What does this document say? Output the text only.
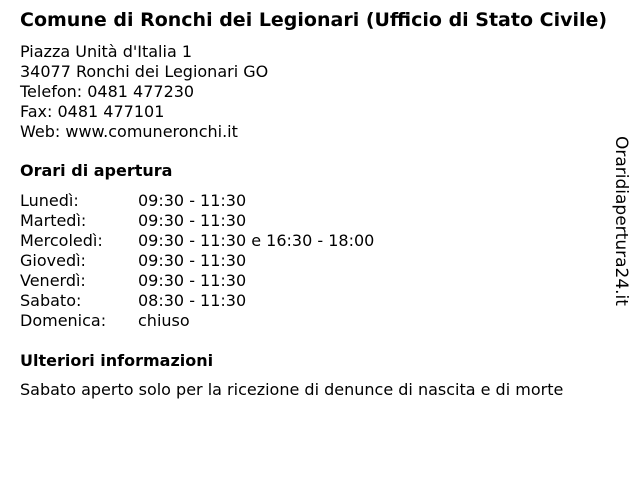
Comune di Ronchi dei Legionari (Ufficio di Stato Civile)
Piazza Unità d'Italia 1
34077 Ronchi dei Legionari GO
Telefon: 0481 477230
Fax: 0481 477101
Web: www.comuneronchi.it
Orari di apertura
Lunedì:	09:30 - 11:30
Martedì:	09:30 - 11:30
Mercoledì:	09:30 - 11:30 e 16:30 - 18:00
Giovedì:	09:30 - 11:30
Venerdì:	09:30 - 11:30
Sabato:	08:30 - 11:30
Domenica:	chiuso
Ulteriori informazioni
Sabato aperto solo per la ricezione di denunce di nascita e di morte
Oraridiapertura24.it
